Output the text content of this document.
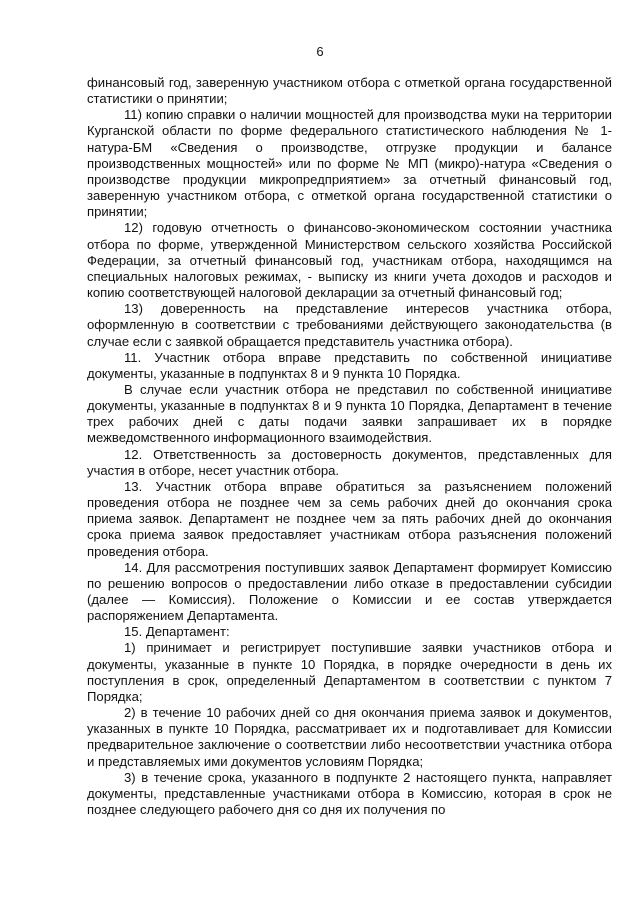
6

финансовый год, заверенную участником отбора с отметкой органа государственной статистики о принятии;

11) копию справки о наличии мощностей для производства муки на территории Курганской области по форме федерального статистического наблюдения № 1-натура-БМ «Сведения о производстве, отгрузке продукции и балансе производственных мощностей» или по форме № МП (микро)-натура «Сведения о производстве продукции микропредприятием» за отчетный финансовый год, заверенную участником отбора, с отметкой органа государственной статистики о принятии;

12) годовую отчетность о финансово-экономическом состоянии участника отбора по форме, утвержденной Министерством сельского хозяйства Российской Федерации, за отчетный финансовый год, участникам отбора, находящимся на специальных налоговых режимах, - выписку из книги учета доходов и расходов и копию соответствующей налоговой декларации за отчетный финансовый год;

13) доверенность на представление интересов участника отбора, оформленную в соответствии с требованиями действующего законодательства (в случае если с заявкой обращается представитель участника отбора).

11. Участник отбора вправе представить по собственной инициативе документы, указанные в подпунктах 8 и 9 пункта 10 Порядка.

В случае если участник отбора не представил по собственной инициативе документы, указанные в подпунктах 8 и 9 пункта 10 Порядка, Департамент в течение трех рабочих дней с даты подачи заявки запрашивает их в порядке межведомственного информационного взаимодействия.

12. Ответственность за достоверность документов, представленных для участия в отборе, несет участник отбора.

13. Участник отбора вправе обратиться за разъяснением положений проведения отбора не позднее чем за семь рабочих дней до окончания срока приема заявок. Департамент не позднее чем за пять рабочих дней до окончания срока приема заявок предоставляет участникам отбора разъяснения положений проведения отбора.

14. Для рассмотрения поступивших заявок Департамент формирует Комиссию по решению вопросов о предоставлении либо отказе в предоставлении субсидии (далее — Комиссия). Положение о Комиссии и ее состав утверждается распоряжением Департамента.

15. Департамент:

1) принимает и регистрирует поступившие заявки участников отбора и документы, указанные в пункте 10 Порядка, в порядке очередности в день их поступления в срок, определенный Департаментом в соответствии с пунктом 7 Порядка;

2) в течение 10 рабочих дней со дня окончания приема заявок и документов, указанных в пункте 10 Порядка, рассматривает их и подготавливает для Комиссии предварительное заключение о соответствии либо несоответствии участника отбора и представляемых ими документов условиям Порядка;

3) в течение срока, указанного в подпункте 2 настоящего пункта, направляет документы, представленные участниками отбора в Комиссию, которая в срок не позднее следующего рабочего дня со дня их получения по
